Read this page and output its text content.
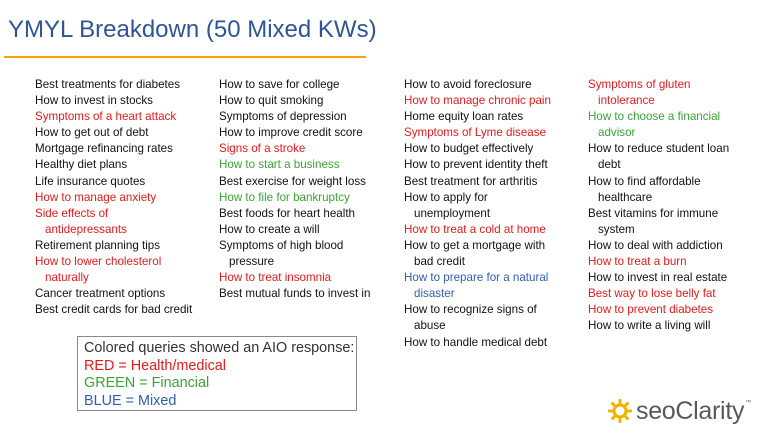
YMYL Breakdown (50 Mixed KWs)
Best treatments for diabetes
How to invest in stocks
Symptoms of a heart attack
How to get out of debt
Mortgage refinancing rates
Healthy diet plans
Life insurance quotes
How to manage anxiety
Side effects of
antidepressants
Retirement planning tips
How to lower cholesterol
naturally
Cancer treatment options
Best credit cards for bad credit
How to save for college
How to quit smoking
Symptoms of depression
How to improve credit score
Signs of a stroke
How to start a business
Best exercise for weight loss
How to file for bankruptcy
Best foods for heart health
How to create a will
Symptoms of high blood
pressure
How to treat insomnia
Best mutual funds to invest in
How to avoid foreclosure
How to manage chronic pain
Home equity loan rates
Symptoms of Lyme disease
How to budget effectively
How to prevent identity theft
Best treatment for arthritis
How to apply for
unemployment
How to treat a cold at home
How to get a mortgage with
bad credit
How to prepare for a natural
disaster
How to recognize signs of
abuse
How to handle medical debt
Symptoms of gluten
intolerance
How to choose a financial
advisor
How to reduce student loan
debt
How to find affordable
healthcare
Best vitamins for immune
system
How to deal with addiction
How to treat a burn
How to invest in real estate
Best way to lose belly fat
How to prevent diabetes
How to write a living will
Colored queries showed an AIO response:
RED = Health/medical
GREEN = Financial
BLUE = Mixed	seoClarity ™
